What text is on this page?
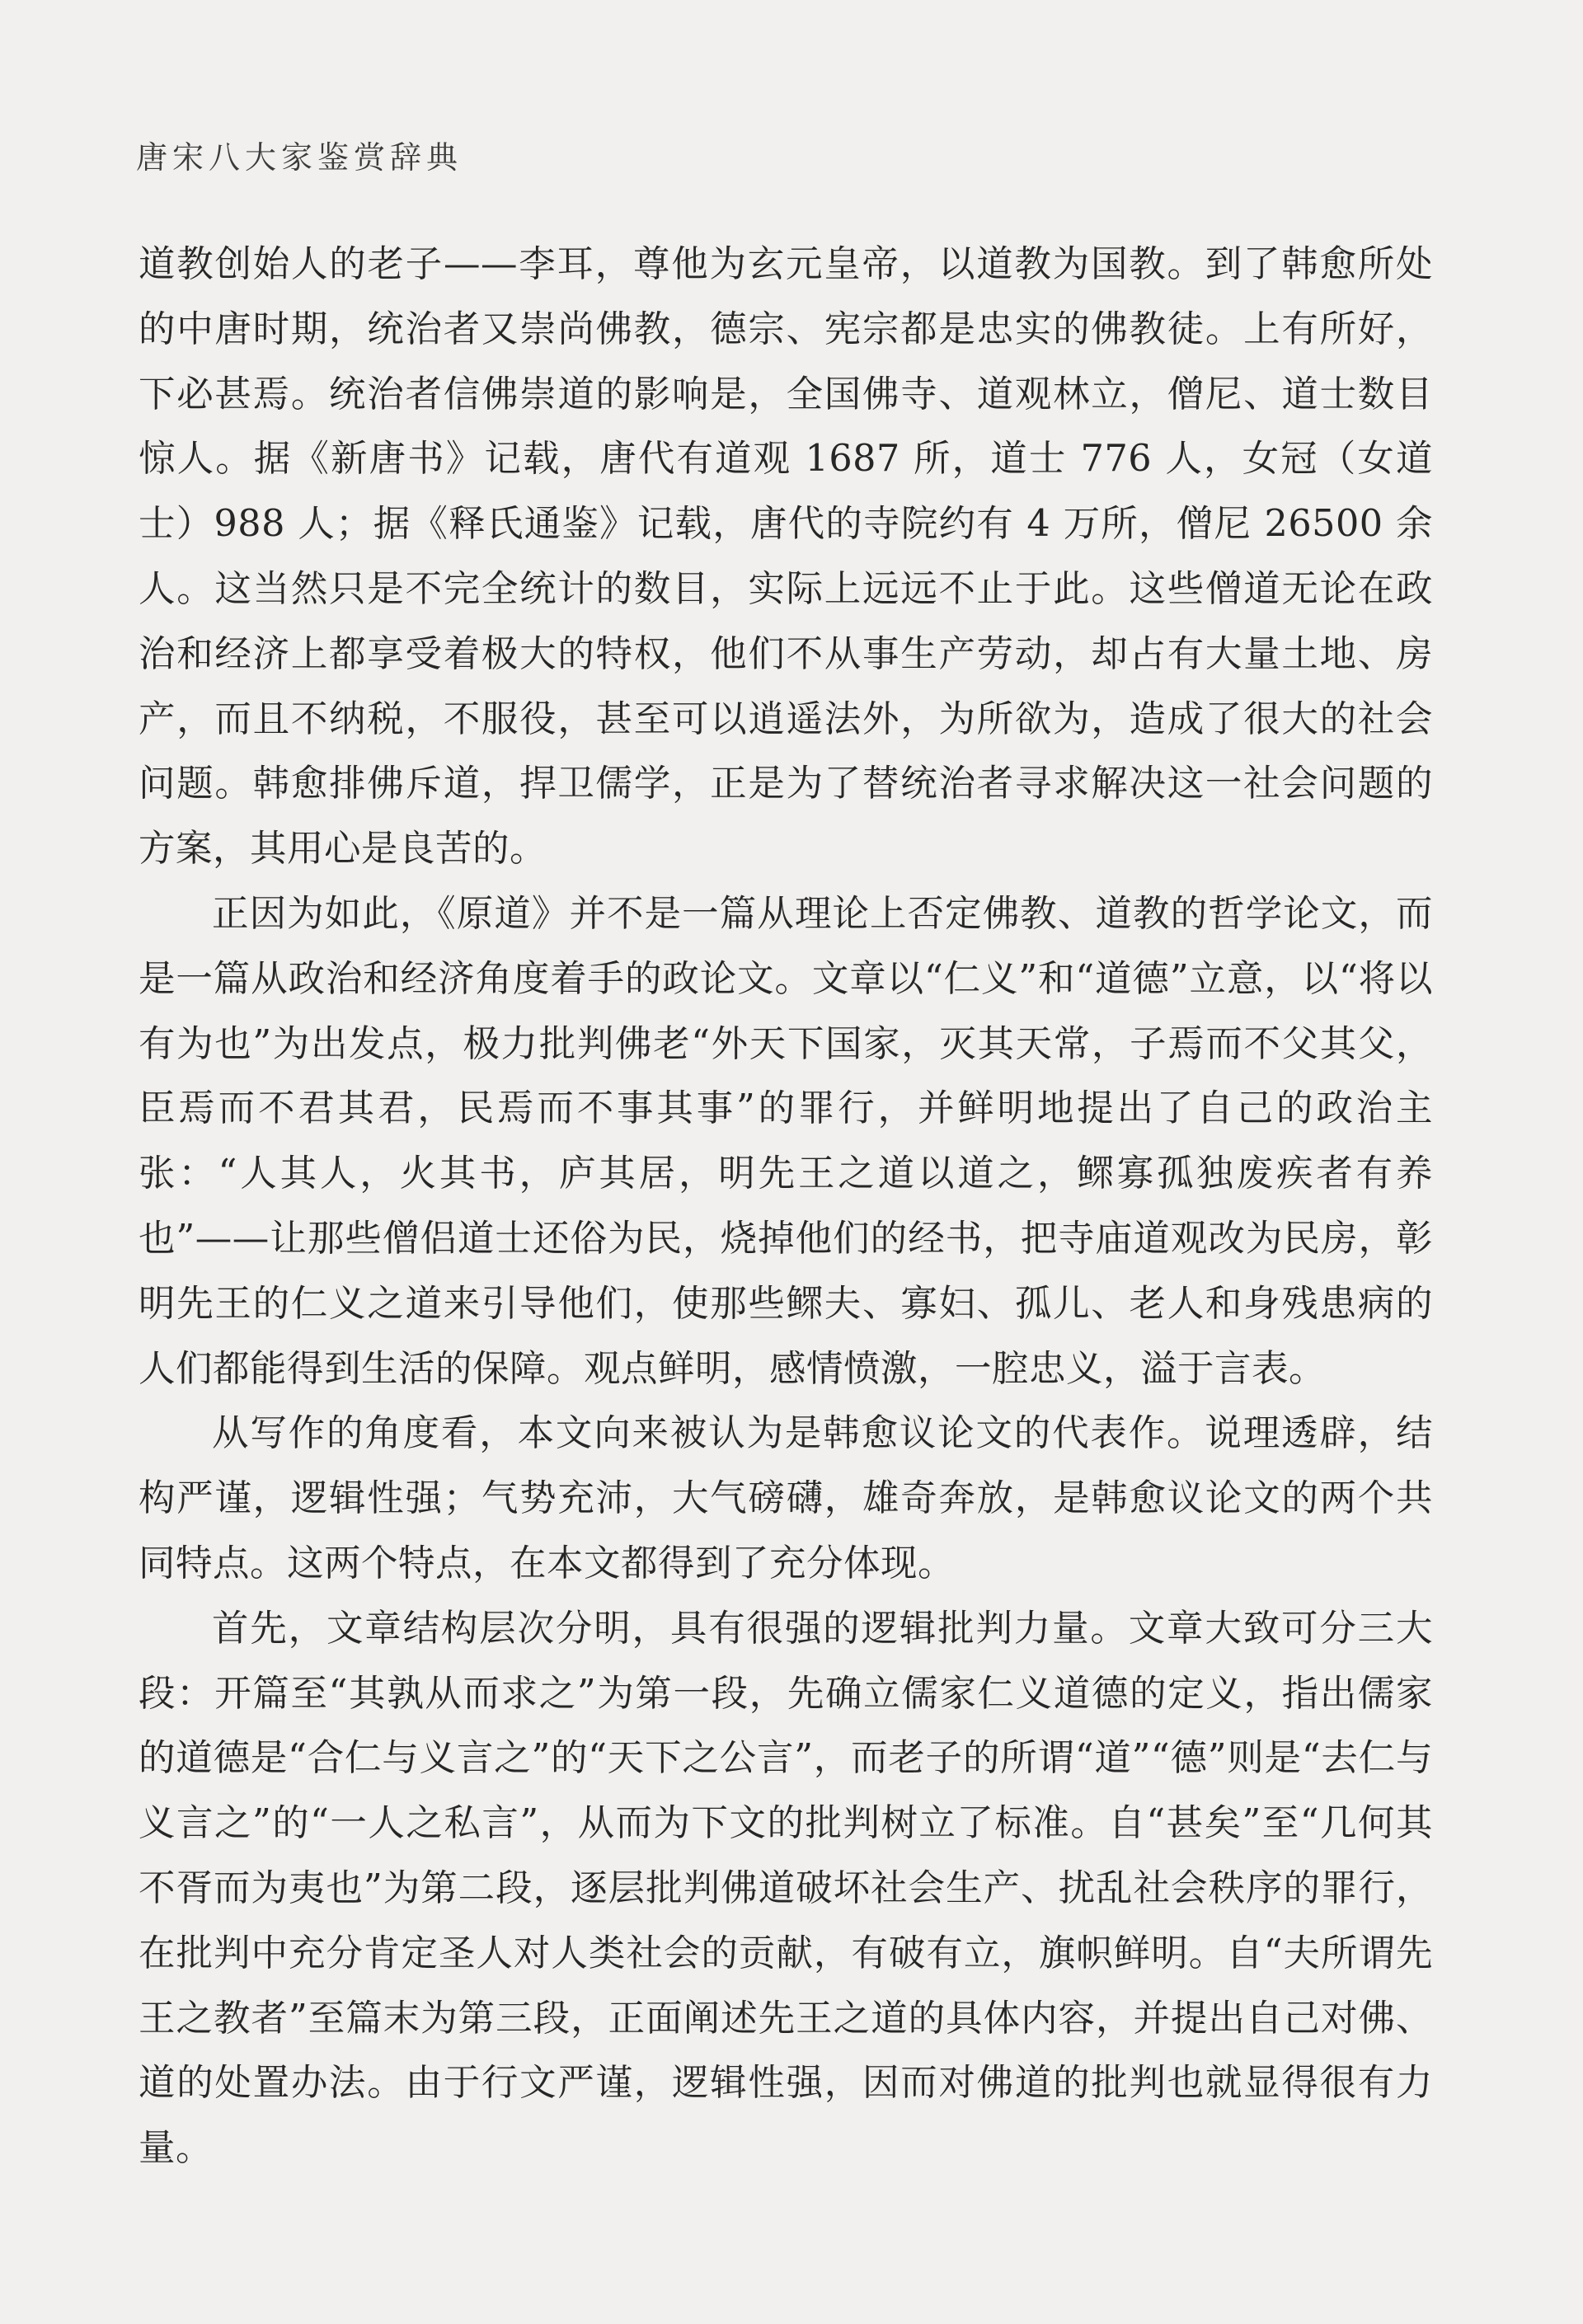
唐宋八大家鉴赏辞典

道教创始人的老子——李耳，尊他为玄元皇帝，以道教为国教。到了韩愈所处的中唐时期，统治者又崇尚佛教，德宗、宪宗都是忠实的佛教徒。上有所好，下必甚焉。统治者信佛崇道的影响是，全国佛寺、道观林立，僧尼、道士数目惊人。据《新唐书》记载，唐代有道观 1687 所，道士 776 人，女冠（女道士）988 人；据《释氏通鉴》记载，唐代的寺院约有 4 万所，僧尼 26500 余人。这当然只是不完全统计的数目，实际上远远不止于此。这些僧道无论在政治和经济上都享受着极大的特权，他们不从事生产劳动，却占有大量土地、房产，而且不纳税，不服役，甚至可以逍遥法外，为所欲为，造成了很大的社会问题。韩愈排佛斥道，捍卫儒学，正是为了替统治者寻求解决这一社会问题的方案，其用心是良苦的。

正因为如此，《原道》并不是一篇从理论上否定佛教、道教的哲学论文，而是一篇从政治和经济角度着手的政论文。文章以“仁义”和“道德”立意，以“将以有为也”为出发点，极力批判佛老“外天下国家，灭其天常，子焉而不父其父，臣焉而不君其君，民焉而不事其事”的罪行，并鲜明地提出了自己的政治主张：“人其人，火其书，庐其居，明先王之道以道之，鳏寡孤独废疾者有养也”——让那些僧侣道士还俗为民，烧掉他们的经书，把寺庙道观改为民房，彰明先王的仁义之道来引导他们，使那些鳏夫、寡妇、孤儿、老人和身残患病的人们都能得到生活的保障。观点鲜明，感情愤激，一腔忠义，溢于言表。

从写作的角度看，本文向来被认为是韩愈议论文的代表作。说理透辟，结构严谨，逻辑性强；气势充沛，大气磅礴，雄奇奔放，是韩愈议论文的两个共同特点。这两个特点，在本文都得到了充分体现。

首先，文章结构层次分明，具有很强的逻辑批判力量。文章大致可分三大段：开篇至“其孰从而求之”为第一段，先确立儒家仁义道德的定义，指出儒家的道德是“合仁与义言之”的“天下之公言”，而老子的所谓“道”“德”则是“去仁与义言之”的“一人之私言”，从而为下文的批判树立了标准。自“甚矣”至“几何其不胥而为夷也”为第二段，逐层批判佛道破坏社会生产、扰乱社会秩序的罪行，在批判中充分肯定圣人对人类社会的贡献，有破有立，旗帜鲜明。自“夫所谓先王之教者”至篇末为第三段，正面阐述先王之道的具体内容，并提出自己对佛、道的处置办法。由于行文严谨，逻辑性强，因而对佛道的批判也就显得很有力量。
